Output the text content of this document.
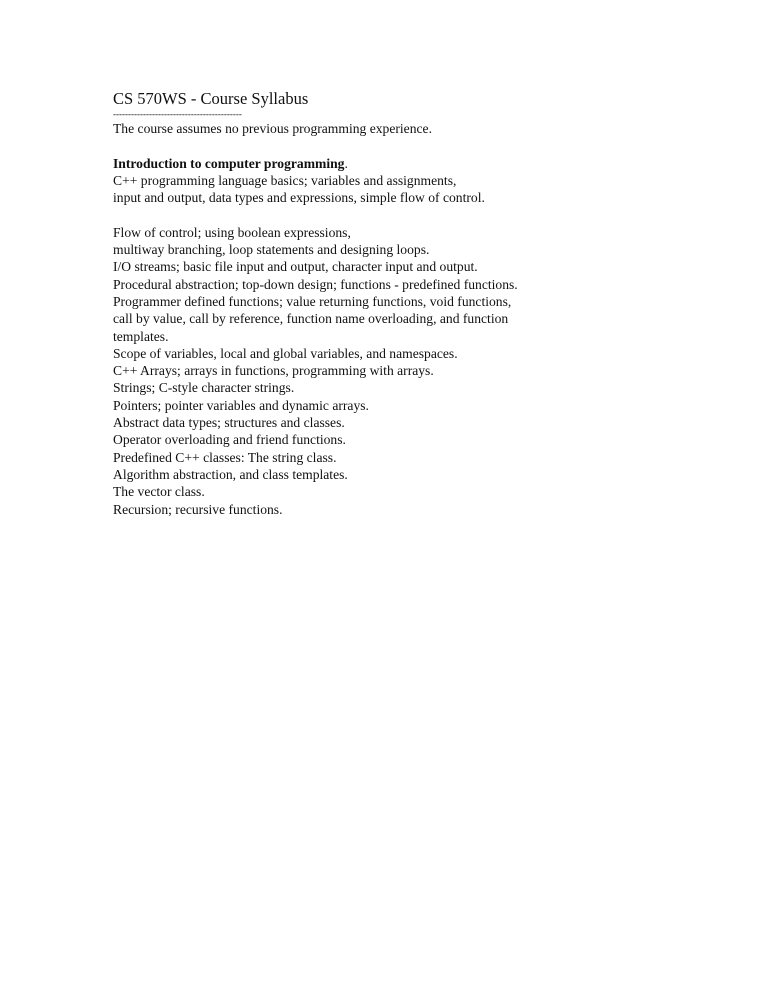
CS 570WS - Course Syllabus

-------------------------------------------

The course assumes no previous programming experience.

Introduction to computer programming.

C++ programming language basics; variables and assignments,

input and output, data types and expressions, simple flow of control.

Flow of control; using boolean expressions,

multiway branching, loop statements and designing loops.

I/O streams; basic file input and output, character input and output.

Procedural abstraction; top-down design; functions - predefined functions.

Programmer defined functions; value returning functions, void functions,

call by value, call by reference, function name overloading, and function

templates.

Scope of variables, local and global variables, and namespaces.

C++ Arrays; arrays in functions, programming with arrays.

Strings; C-style character strings.

Pointers; pointer variables and dynamic arrays.

Abstract data types; structures and classes.

Operator overloading and friend functions.

Predefined C++ classes: The string class.

Algorithm abstraction, and class templates.

The vector class.

Recursion; recursive functions.
